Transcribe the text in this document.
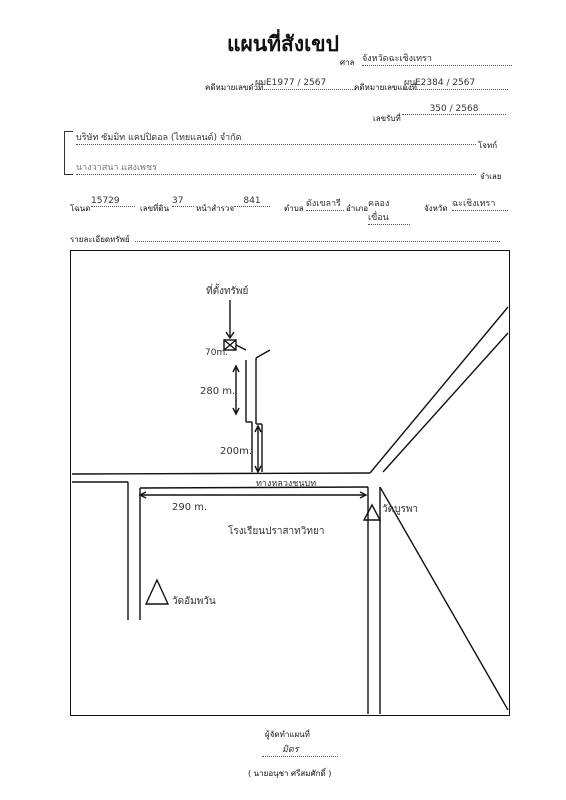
แผนที่สังเขป
ศาล จังหวัดฉะเชิงเทรา
คดีหมายเลขดำที่
ผบE1977 / 2567	คดีหมายเลขแดงที่
ผบE2384 / 2567
เลขรับที่
350 / 2568
บริษัท ซัมมิท แคปปิตอล (ไทยแลนด์) จำกัด
โจทก์
นางวาสนา แสงเพชร
จำเลย
โฉนด
15729
เลขที่ดิน
37
หน้าสำรวจ
841
ตำบล ดังเขลารี อำเภอ คลองเขื่อน
จังหวัด ฉะเชิงเทรา
รายละเอียดทรัพย์
ที่ตั้งทรัพย์
70m.
280 m.
200m.
ทางหลวงชนบท
290 m.
โรงเรียนปราสาทวิทยา
วัดบูรพา
วัดอัมพวัน
ผู้จัดทำแผนที่
มิตร
( นายอนุชา ศรีสมศักดิ์ )
